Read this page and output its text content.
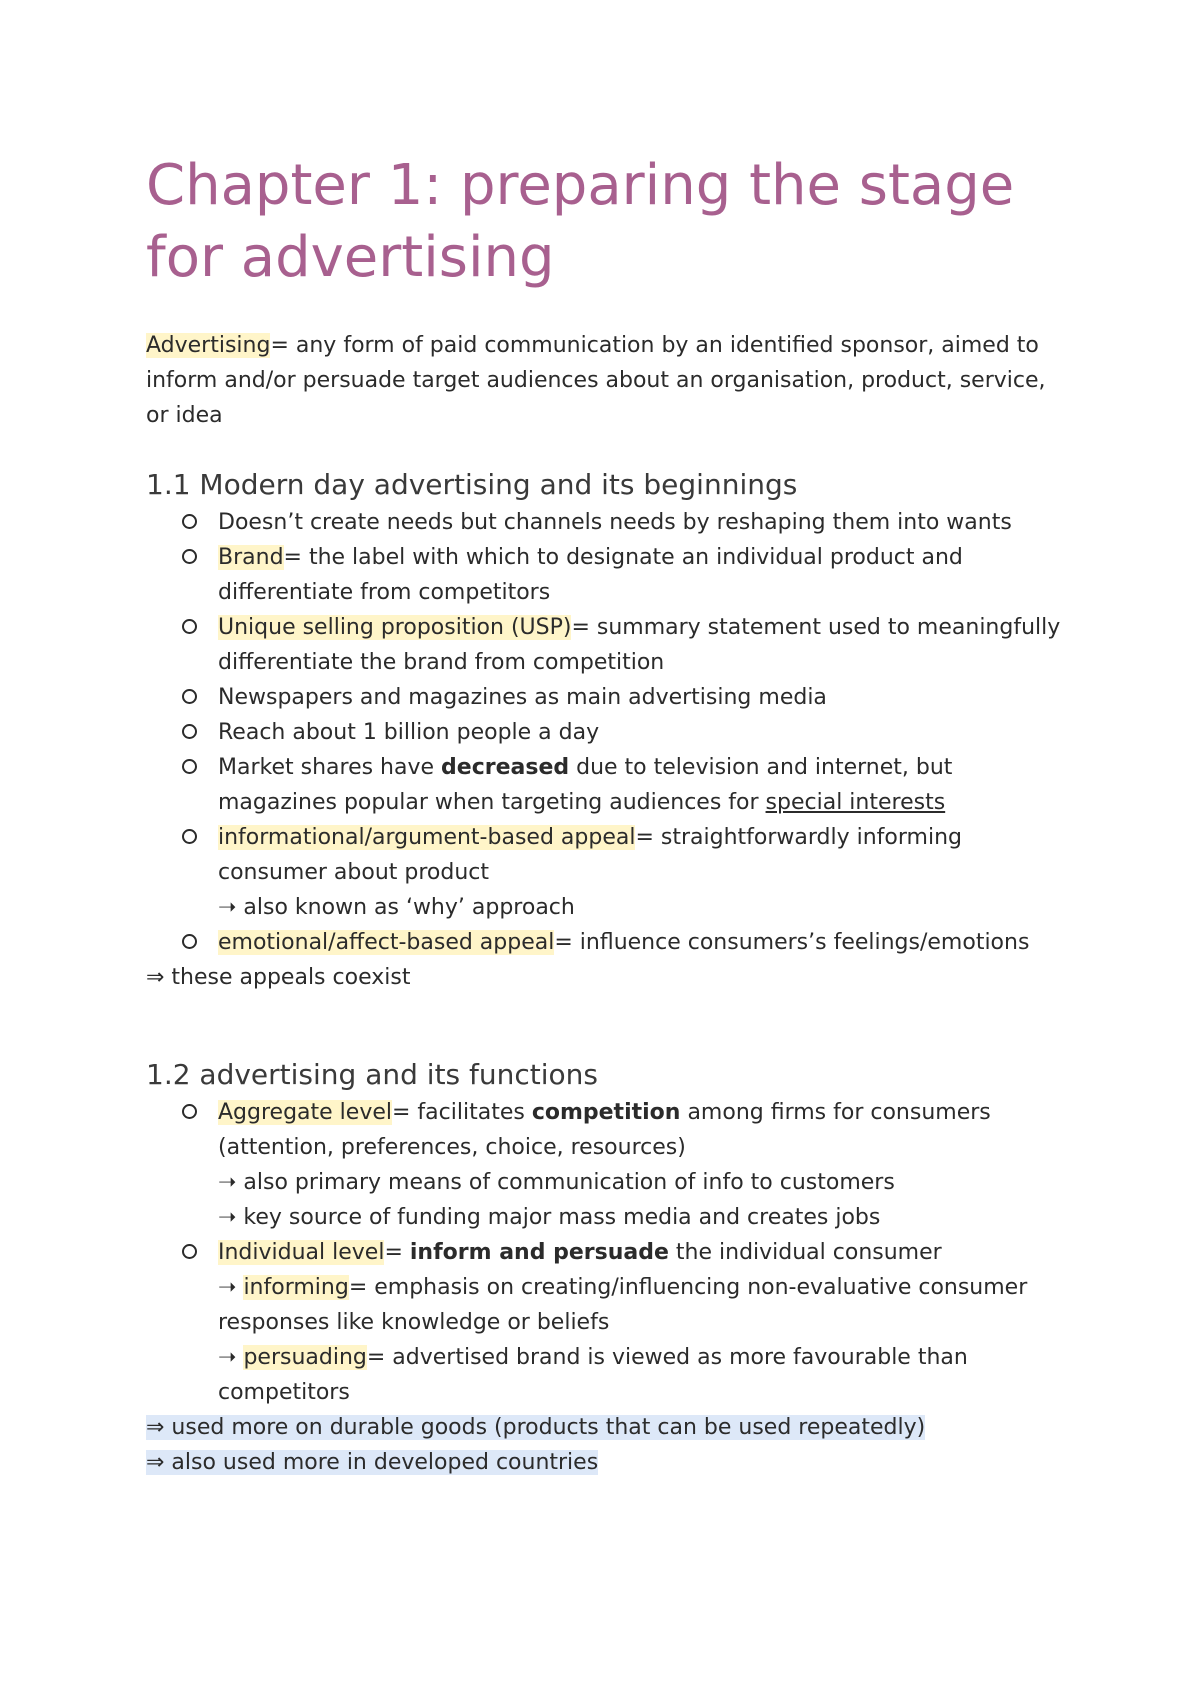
Chapter 1: preparing the stage for advertising

Advertising= any form of paid communication by an identified sponsor, aimed to inform and/or persuade target audiences about an organisation, product, service, or idea

1.1 Modern day advertising and its beginnings
Doesn’t create needs but channels needs by reshaping them into wants
Brand= the label with which to designate an individual product and differentiate from competitors
Unique selling proposition (USP)= summary statement used to meaningfully differentiate the brand from competition
Newspapers and magazines as main advertising media
Reach about 1 billion people a day
Market shares have decreased due to television and internet, but magazines popular when targeting audiences for special interests
informational/argument-based appeal= straightforwardly informing consumer about product
➝ also known as ‘why’ approach
emotional/affect-based appeal= influence consumers’s feelings/emotions

⇒ these appeals coexist

1.2 advertising and its functions
Aggregate level= facilitates competition among firms for consumers (attention, preferences, choice, resources)
➝ also primary means of communication of info to customers
➝ key source of funding major mass media and creates jobs
Individual level= inform and persuade the individual consumer
➝ informing= emphasis on creating/influencing non-evaluative consumer responses like knowledge or beliefs
➝ persuading= advertised brand is viewed as more favourable than competitors

⇒ used more on durable goods (products that can be used repeatedly)

⇒ also used more in developed countries
